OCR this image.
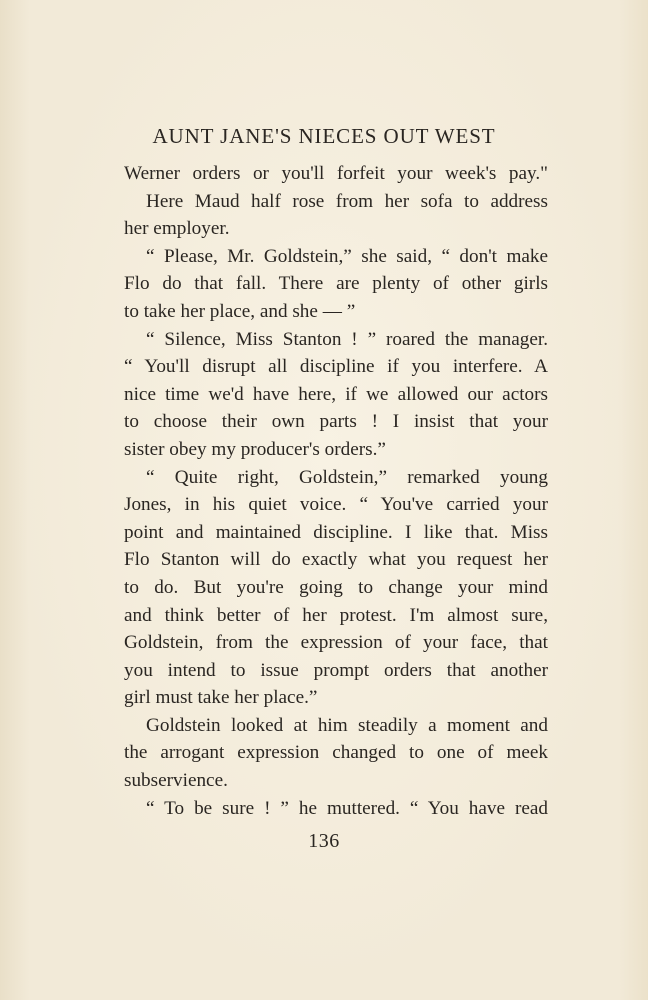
AUNT JANE'S NIECES OUT WEST
Werner orders or you'll forfeit your week's pay."
Here Maud half rose from her sofa to address
her employer.
“ Please, Mr. Goldstein,” she said, “ don't make
Flo do that fall. There are plenty of other girls
to take her place, and she — ”
“ Silence, Miss Stanton ! ” roared the manager.
“ You'll disrupt all discipline if you interfere. A
nice time we'd have here, if we allowed our actors
to choose their own parts ! I insist that your
sister obey my producer's orders.”
“ Quite right, Goldstein,” remarked young
Jones, in his quiet voice. “ You've carried your
point and maintained discipline. I like that. Miss
Flo Stanton will do exactly what you request her
to do. But you're going to change your mind
and think better of her protest. I'm almost sure,
Goldstein, from the expression of your face, that
you intend to issue prompt orders that another
girl must take her place.”
Goldstein looked at him steadily a moment and
the arrogant expression changed to one of meek
subservience.
“ To be sure ! ” he muttered. “ You have read
136
